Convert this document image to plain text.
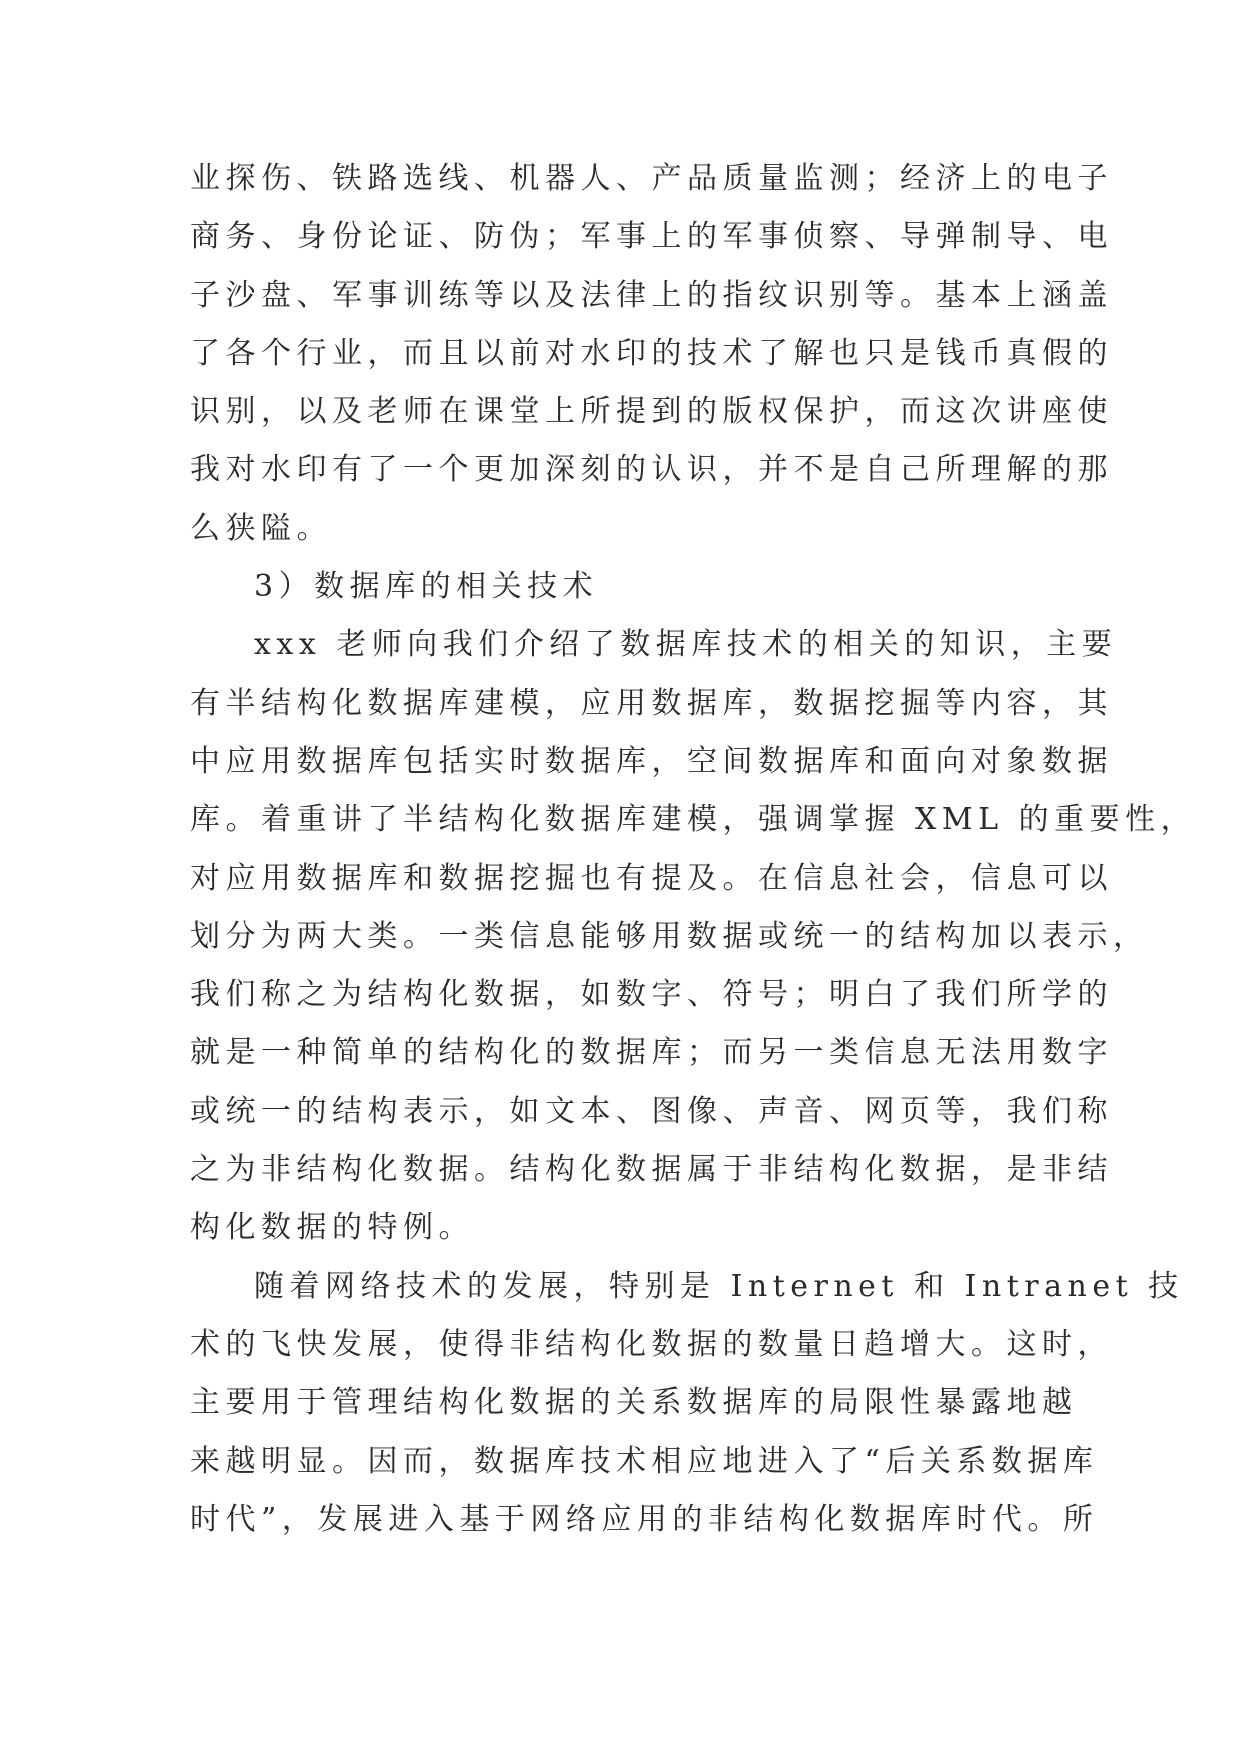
业探伤、铁路选线、机器人、产品质量监测；经济上的电子
商务、身份论证、防伪；军事上的军事侦察、导弹制导、电
子沙盘、军事训练等以及法律上的指纹识别等。基本上涵盖
了各个行业，而且以前对水印的技术了解也只是钱币真假的
识别，以及老师在课堂上所提到的版权保护，而这次讲座使
我对水印有了一个更加深刻的认识，并不是自己所理解的那
么狭隘。
3）数据库的相关技术
xxx 老师向我们介绍了数据库技术的相关的知识，主要
有半结构化数据库建模，应用数据库，数据挖掘等内容，其
中应用数据库包括实时数据库，空间数据库和面向对象数据
库。着重讲了半结构化数据库建模，强调掌握 XML 的重要性，
对应用数据库和数据挖掘也有提及。在信息社会，信息可以
划分为两大类。一类信息能够用数据或统一的结构加以表示，
我们称之为结构化数据，如数字、符号；明白了我们所学的
就是一种简单的结构化的数据库；而另一类信息无法用数字
或统一的结构表示，如文本、图像、声音、网页等，我们称
之为非结构化数据。结构化数据属于非结构化数据，是非结
构化数据的特例。
随着网络技术的发展，特别是 Internet 和 Intranet 技
术的飞快发展，使得非结构化数据的数量日趋增大。这时，
主要用于管理结构化数据的关系数据库的局限性暴露地越
来越明显。因而，数据库技术相应地进入了“后关系数据库
时代”，发展进入基于网络应用的非结构化数据库时代。所
